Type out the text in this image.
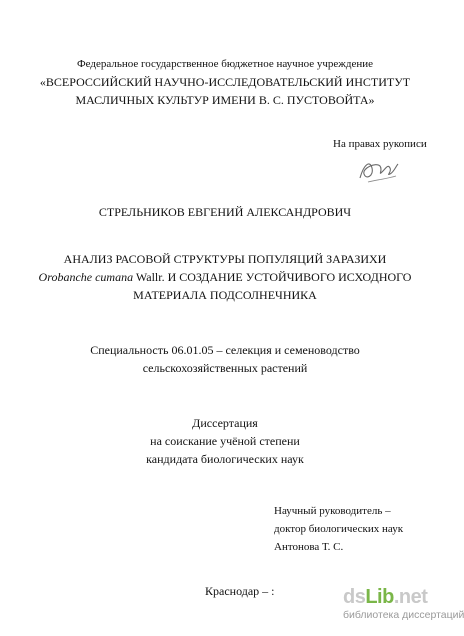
Федеральное государственное бюджетное научное учреждение
«ВСЕРОССИЙСКИЙ НАУЧНО-ИССЛЕДОВАТЕЛЬСКИЙ ИНСТИТУТ
МАСЛИЧНЫХ КУЛЬТУР ИМЕНИ В. С. ПУСТОВОЙТА»
На правах рукописи
СТРЕЛЬНИКОВ ЕВГЕНИЙ АЛЕКСАНДРОВИЧ
АНАЛИЗ РАСОВОЙ СТРУКТУРЫ ПОПУЛЯЦИЙ ЗАРАЗИХИ
Orobanche cumana Wallr. И СОЗДАНИЕ УСТОЙЧИВОГО ИСХОДНОГО
МАТЕРИАЛА ПОДСОЛНЕЧНИКА
Специальность 06.01.05 – селекция и семеноводство
сельскохозяйственных растений
Диссертация
на соискание учёной степени
кандидата биологических наук
Научный руководитель –
доктор биологических наук
Антонова Т. С.
Краснодар – :	dsLib.net
библиотека диссертаций
